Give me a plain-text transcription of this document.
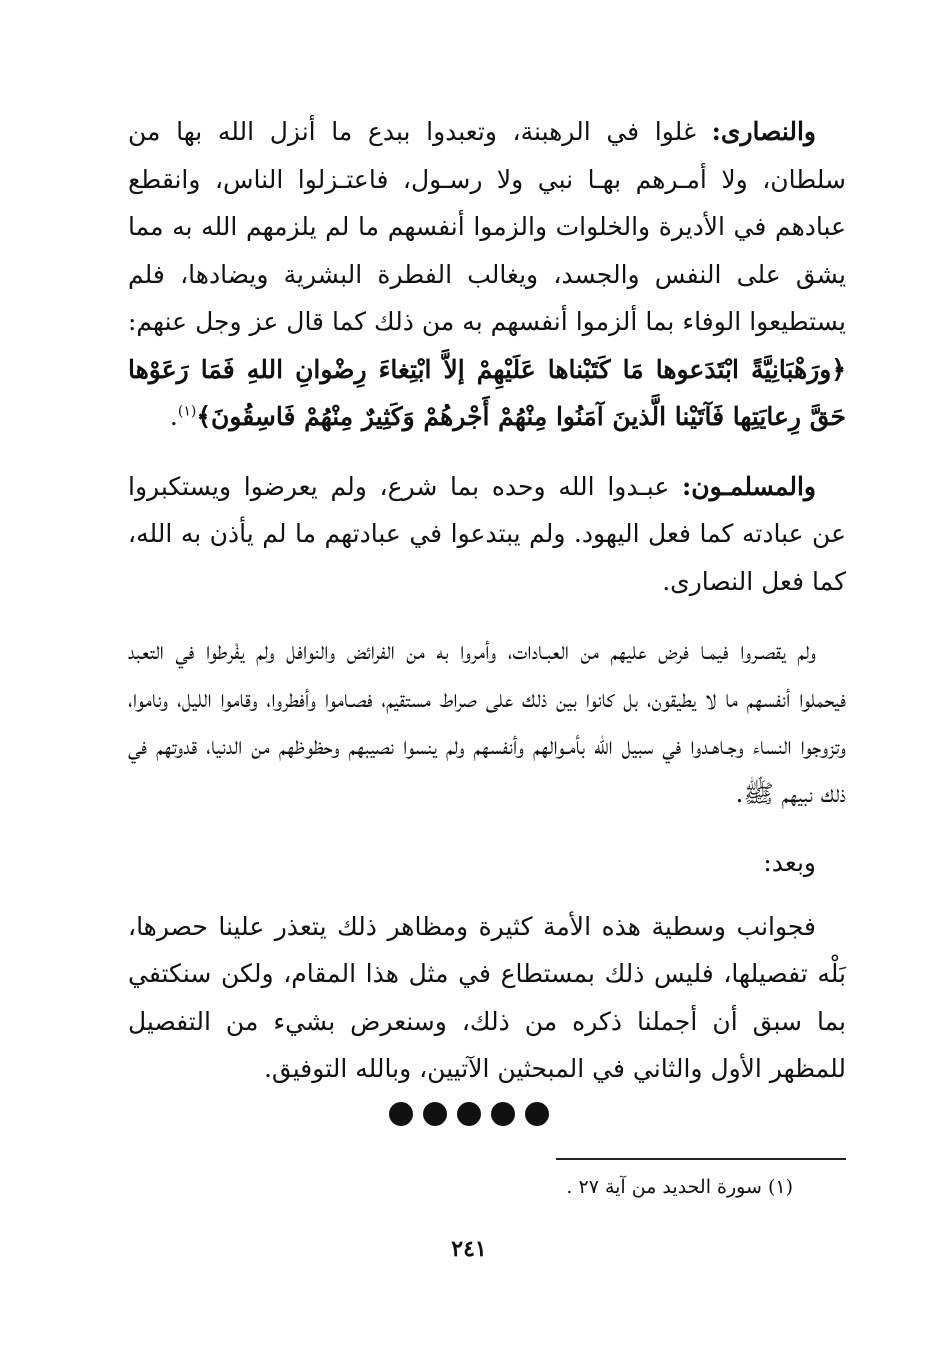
والنصارى: غلوا في الرهبنة، وتعبدوا ببدع ما أنزل الله بها من سلطان، ولا أمـرهم بهـا نبي ولا رسـول، فاعتـزلوا الناس، وانقطع عبادهم في الأديرة والخلوات والزموا أنفسهم ما لم يلزمهم الله به مما يشق على النفس والجسد، ويغالب الفطرة البشرية ويضادها، فلم يستطيعوا الوفاء بما ألزموا أنفسهم به من ذلك كما قال عز وجل عنهم: ﴿ورَهْبَانِيَّةً ابْتَدَعوها مَا كَتَبْناها عَلَيْهِمْ إلاَّ ابْتِغاءَ رِضْوانِ اللهِ فَمَا رَعَوْها حَقَّ رِعايَتِها فَآتَيْنا الَّذينَ آمَنُوا مِنْهُمْ أَجْرهُمْ وَكَثِيرٌ مِنْهُمْ فَاسِقُونَ﴾$^{(١)}$.

والمسلمـون: عبـدوا الله وحده بما شرع، ولم يعرضوا ويستكبروا عن عبادته كما فعل اليهود. ولم يبتدعوا في عبادتهم ما لم يأذن به الله، كما فعل النصارى.

ولم يقصـروا فيمـا فرض عليهم من العبـادات، وأمروا به من الفرائض والنوافل ولم يفْرطوا في التعبد فيحملوا أنفسهم ما لا يطيقون، بل كانوا بين ذلك على صراط مستقيم، فصـاموا وأفطروا، وقاموا الليل، وناموا، وتزوجوا النساء وجـاهـدوا في سبيل الله بأمـوالهم وأنفسهم ولم ينسوا نصيبهم وحظوظهم من الدنيا، قدوتهم في ذلك نبيهم ﷺ.

وبعد:

فجوانب وسطية هذه الأمة كثيرة ومظاهر ذلك يتعذر علينا حصرها، بَلْه تفصيلها، فليس ذلك بمستطاع في مثل هذا المقام، ولكن سنكتفي بما سبق أن أجملنا ذكره من ذلك، وسنعرض بشيء من التفصيل للمظهر الأول والثاني في المبحثين الآتيين، وبالله التوفيق.

(١) سورة الحديد من آية ٢٧ .
٢٤١
